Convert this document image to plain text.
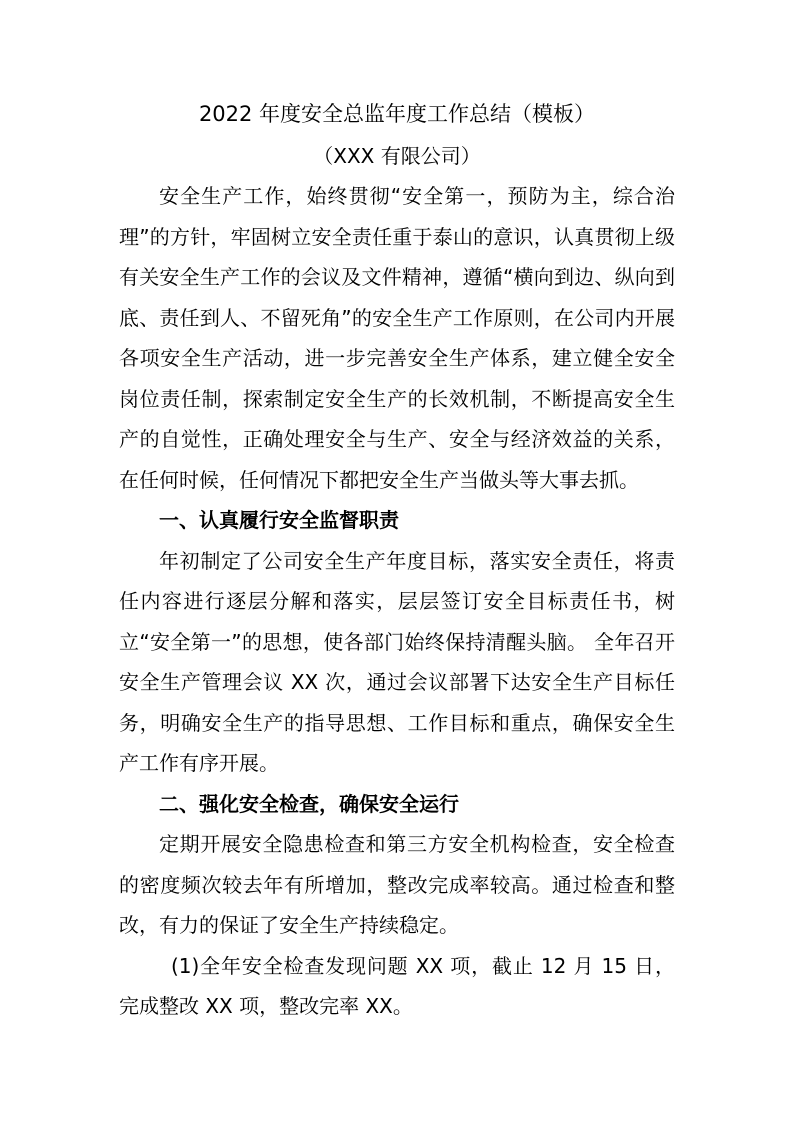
2022 年度安全总监年度工作总结（模板）

（XXX 有限公司）

安全生产工作，始终贯彻“安全第一，预防为主，综合治理”的方针，牢固树立安全责任重于泰山的意识，认真贯彻上级有关安全生产工作的会议及文件精神，遵循“横向到边、纵向到底、责任到人、不留死角”的安全生产工作原则，在公司内开展各项安全生产活动，进一步完善安全生产体系，建立健全安全岗位责任制，探索制定安全生产的长效机制，不断提高安全生产的自觉性，正确处理安全与生产、安全与经济效益的关系，在任何时候，任何情况下都把安全生产当做头等大事去抓。

一、认真履行安全监督职责

年初制定了公司安全生产年度目标，落实安全责任，将责任内容进行逐层分解和落实，层层签订安全目标责任书，树立“安全第一”的思想，使各部门始终保持清醒头脑。 全年召开安全生产管理会议 XX 次，通过会议部署下达安全生产目标任务，明确安全生产的指导思想、工作目标和重点，确保安全生产工作有序开展。

二、强化安全检查，确保安全运行

定期开展安全隐患检查和第三方安全机构检查，安全检查的密度频次较去年有所增加，整改完成率较高。通过检查和整改，有力的保证了安全生产持续稳定。

(1)全年安全检查发现问题 XX 项，截止 12 月 15 日，完成整改 XX 项，整改完率 XX。
